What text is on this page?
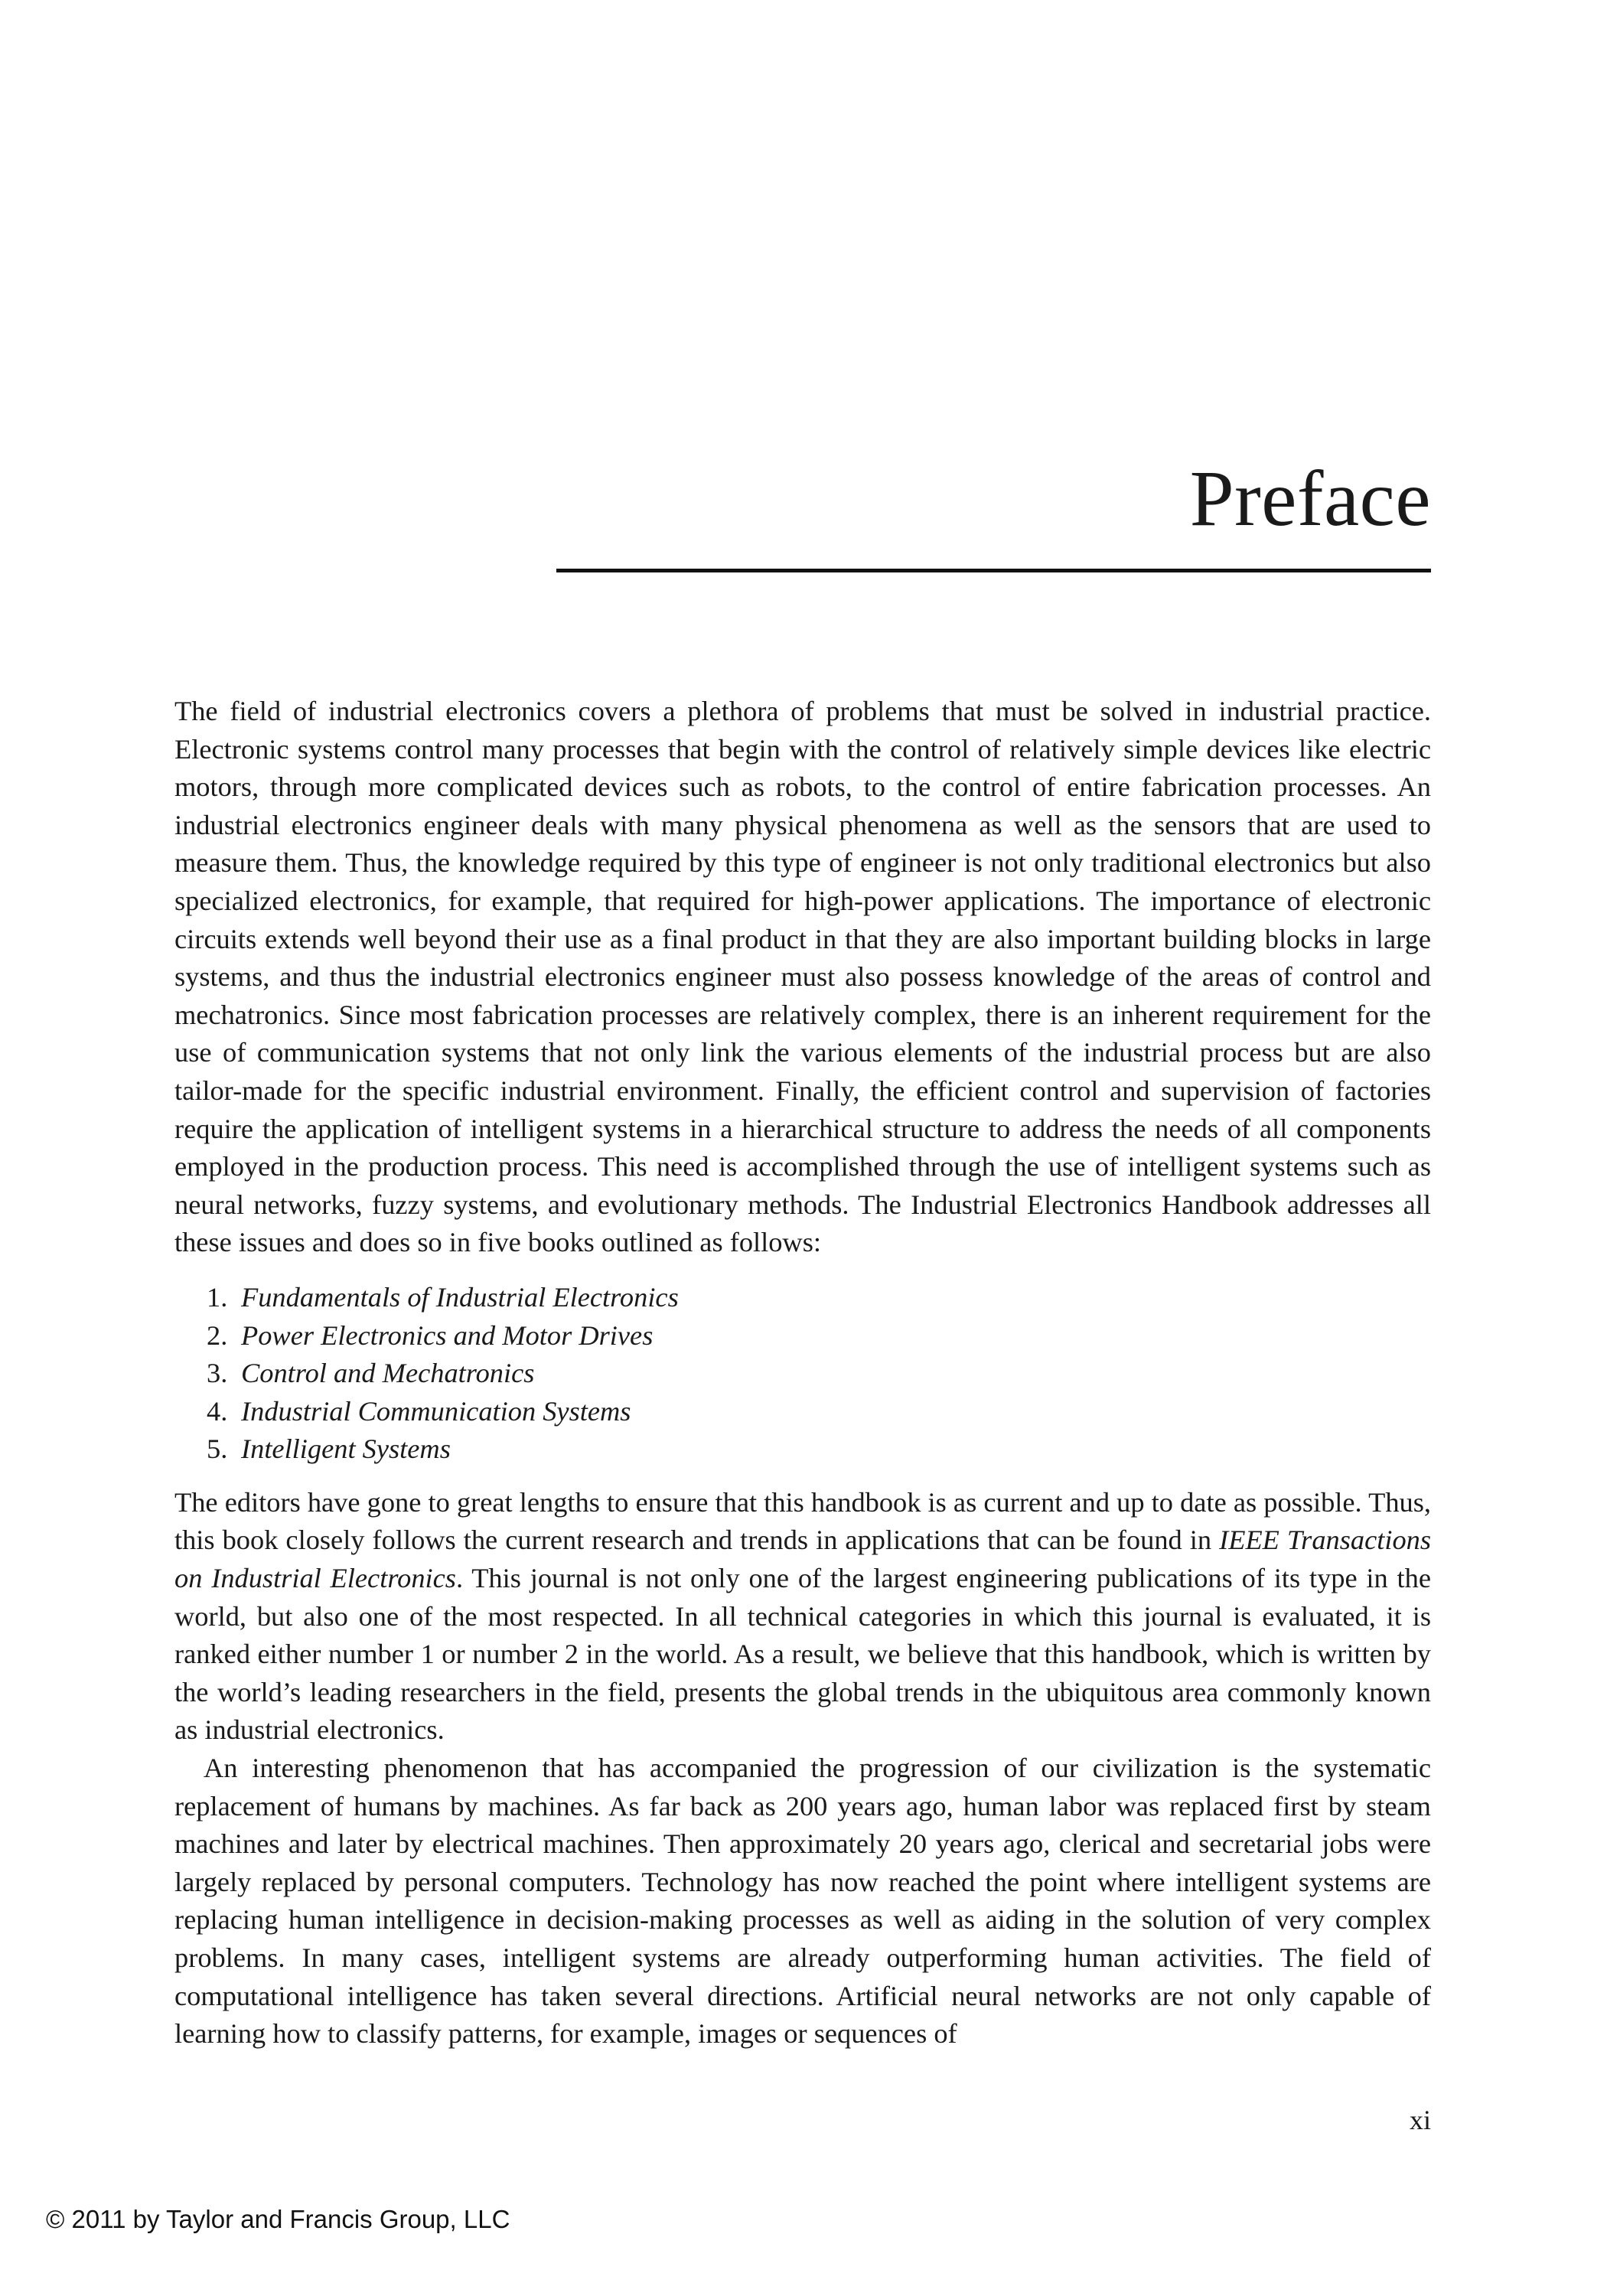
Preface

The field of industrial electronics covers a plethora of problems that must be solved in industrial practice. Electronic systems control many processes that begin with the control of relatively simple devices like electric motors, through more complicated devices such as robots, to the control of entire fabrication processes. An industrial electronics engineer deals with many physical phenomena as well as the sensors that are used to measure them. Thus, the knowledge required by this type of engineer is not only traditional electronics but also specialized electronics, for example, that required for high-power applications. The importance of electronic circuits extends well beyond their use as a final product in that they are also important building blocks in large systems, and thus the industrial electronics engineer must also possess knowledge of the areas of control and mechatronics. Since most fabrication processes are relatively complex, there is an inherent requirement for the use of communication systems that not only link the various elements of the industrial process but are also tailor-made for the specific industrial environment. Finally, the efficient control and supervision of factories require the application of intelligent systems in a hierarchical structure to address the needs of all components employed in the production process. This need is accomplished through the use of intelligent systems such as neural networks, fuzzy systems, and evolutionary methods. The Industrial Electronics Handbook addresses all these issues and does so in five books outlined as follows:

1. Fundamentals of Industrial Electronics
2. Power Electronics and Motor Drives
3. Control and Mechatronics
4. Industrial Communication Systems
5. Intelligent Systems

The editors have gone to great lengths to ensure that this handbook is as current and up to date as possible. Thus, this book closely follows the current research and trends in applications that can be found in IEEE Transactions on Industrial Electronics. This journal is not only one of the largest engineering publications of its type in the world, but also one of the most respected. In all technical categories in which this journal is evaluated, it is ranked either number 1 or number 2 in the world. As a result, we believe that this handbook, which is written by the world’s leading researchers in the field, presents the global trends in the ubiquitous area commonly known as industrial electronics.

An interesting phenomenon that has accompanied the progression of our civilization is the systematic replacement of humans by machines. As far back as 200 years ago, human labor was replaced first by steam machines and later by electrical machines. Then approximately 20 years ago, clerical and secretarial jobs were largely replaced by personal computers. Technology has now reached the point where intelligent systems are replacing human intelligence in decision-making processes as well as aiding in the solution of very complex problems. In many cases, intelligent systems are already outperforming human activities. The field of computational intelligence has taken several directions. Artificial neural networks are not only capable of learning how to classify patterns, for example, images or sequences of

xi
© 2011 by Taylor and Francis Group, LLC
